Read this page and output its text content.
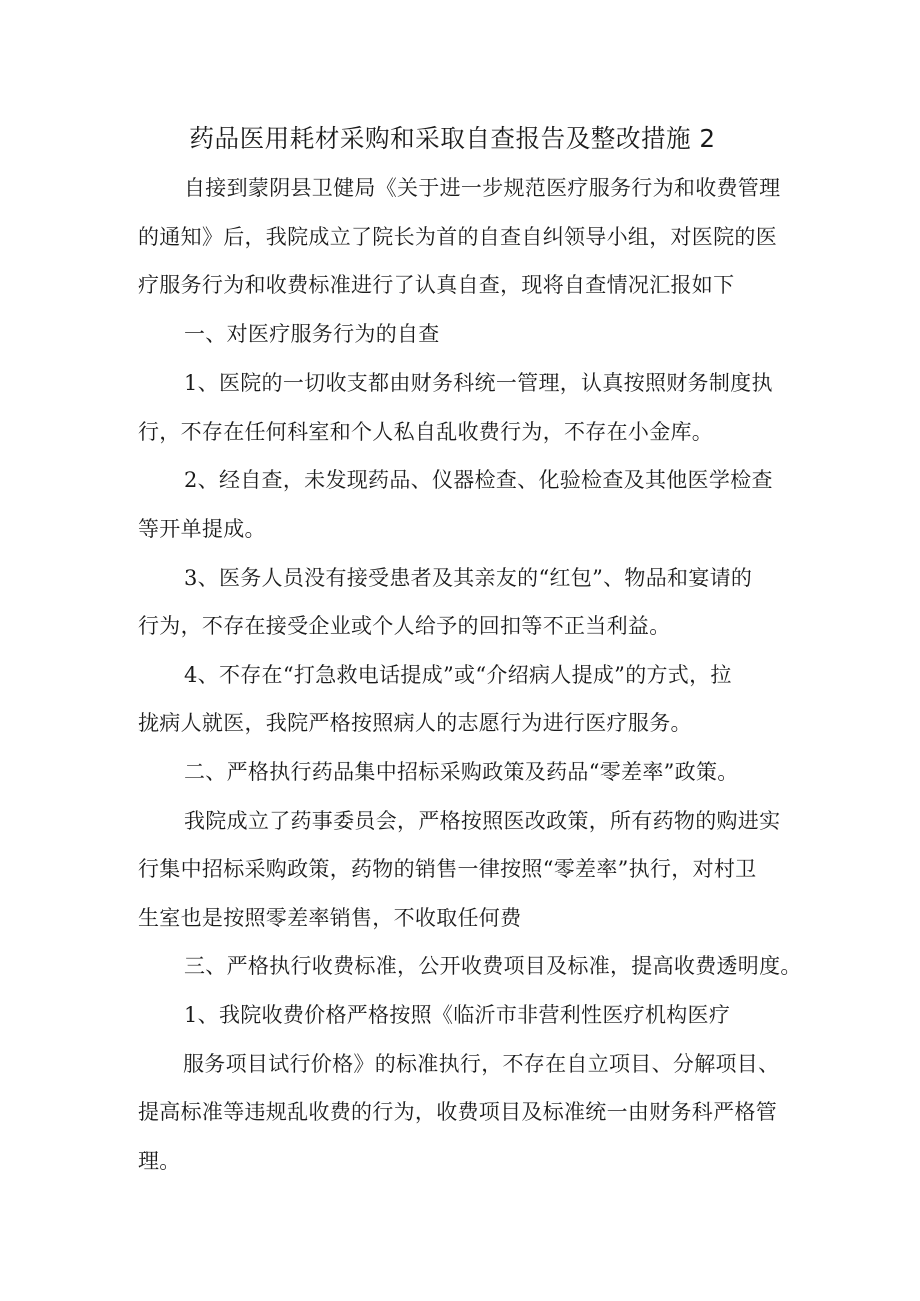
药品医用耗材采购和采取自查报告及整改措施 2
自接到蒙阴县卫健局《关于进一步规范医疗服务行为和收费管理
的通知》后，我院成立了院长为首的自查自纠领导小组，对医院的医
疗服务行为和收费标准进行了认真自查，现将自查情况汇报如下
一、对医疗服务行为的自查
1、医院的一切收支都由财务科统一管理，认真按照财务制度执
行，不存在任何科室和个人私自乱收费行为，不存在小金库。
2、经自查，未发现药品、仪器检查、化验检查及其他医学检查
等开单提成。
3、医务人员没有接受患者及其亲友的“红包”、物品和宴请的
行为，不存在接受企业或个人给予的回扣等不正当利益。
4、不存在“打急救电话提成”或“介绍病人提成”的方式，拉
拢病人就医，我院严格按照病人的志愿行为进行医疗服务。
二、严格执行药品集中招标采购政策及药品“零差率”政策。
我院成立了药事委员会，严格按照医改政策，所有药物的购进实
行集中招标采购政策，药物的销售一律按照“零差率”执行，对村卫
生室也是按照零差率销售，不收取任何费
三、严格执行收费标准，公开收费项目及标准，提高收费透明度。
1、我院收费价格严格按照《临沂市非营利性医疗机构医疗
服务项目试行价格》的标准执行，不存在自立项目、分解项目、
提高标准等违规乱收费的行为，收费项目及标准统一由财务科严格管
理。
